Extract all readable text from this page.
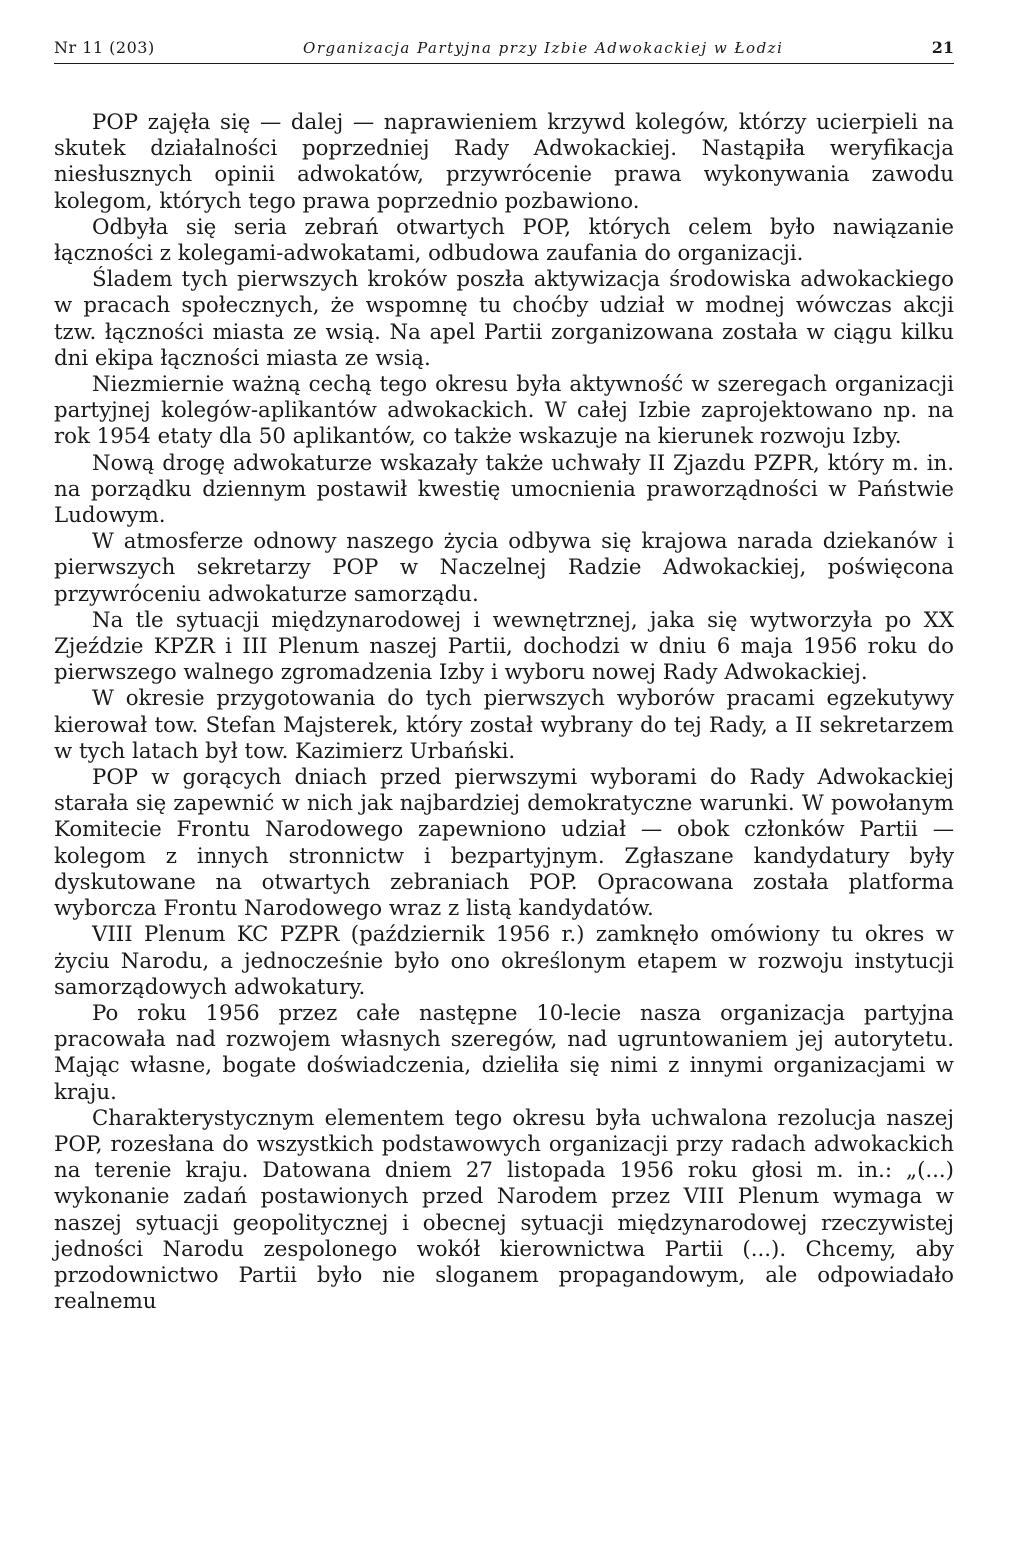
Nr 11 (203)	Organizacja Partyjna przy Izbie Adwokackiej w Łodzi	21

POP zajęła się — dalej — naprawieniem krzywd kolegów, którzy ucierpieli na skutek działalności poprzedniej Rady Adwokackiej. Nastąpiła weryfikacja niesłusznych opinii adwokatów, przywrócenie prawa wykonywania zawodu kolegom, których tego prawa poprzednio pozbawiono.

Odbyła się seria zebrań otwartych POP, których celem było nawiązanie łączności z kolegami-adwokatami, odbudowa zaufania do organizacji.

Śladem tych pierwszych kroków poszła aktywizacja środowiska adwokackiego w pracach społecznych, że wspomnę tu choćby udział w modnej wówczas akcji tzw. łączności miasta ze wsią. Na apel Partii zorganizowana została w ciągu kilku dni ekipa łączności miasta ze wsią.

Niezmiernie ważną cechą tego okresu była aktywność w szeregach organizacji partyjnej kolegów-aplikantów adwokackich. W całej Izbie zaprojektowano np. na rok 1954 etaty dla 50 aplikantów, co także wskazuje na kierunek rozwoju Izby.

Nową drogę adwokaturze wskazały także uchwały II Zjazdu PZPR, który m. in. na porządku dziennym postawił kwestię umocnienia praworządności w Państwie Ludowym.

W atmosferze odnowy naszego życia odbywa się krajowa narada dziekanów i pierwszych sekretarzy POP w Naczelnej Radzie Adwokackiej, poświęcona przywróceniu adwokaturze samorządu.

Na tle sytuacji międzynarodowej i wewnętrznej, jaka się wytworzyła po XX Zjeździe KPZR i III Plenum naszej Partii, dochodzi w dniu 6 maja 1956 roku do pierwszego walnego zgromadzenia Izby i wyboru nowej Rady Adwokackiej.

W okresie przygotowania do tych pierwszych wyborów pracami egzekutywy kierował tow. Stefan Majsterek, który został wybrany do tej Rady, a II sekretarzem w tych latach był tow. Kazimierz Urbański.

POP w gorących dniach przed pierwszymi wyborami do Rady Adwokackiej starała się zapewnić w nich jak najbardziej demokratyczne warunki. W powołanym Komitecie Frontu Narodowego zapewniono udział — obok członków Partii — kolegom z innych stronnictw i bezpartyjnym. Zgłaszane kandydatury były dyskutowane na otwartych zebraniach POP. Opracowana została platforma wyborcza Frontu Narodowego wraz z listą kandydatów.

VIII Plenum KC PZPR (październik 1956 r.) zamknęło omówiony tu okres w życiu Narodu, a jednocześnie było ono określonym etapem w rozwoju instytucji samorządowych adwokatury.

Po roku 1956 przez całe następne 10-lecie nasza organizacja partyjna pracowała nad rozwojem własnych szeregów, nad ugruntowaniem jej autorytetu. Mając własne, bogate doświadczenia, dzieliła się nimi z innymi organizacjami w kraju.

Charakterystycznym elementem tego okresu była uchwalona rezolucja naszej POP, rozesłana do wszystkich podstawowych organizacji przy radach adwokackich na terenie kraju. Datowana dniem 27 listopada 1956 roku głosi m. in.: „(...) wykonanie zadań postawionych przed Narodem przez VIII Plenum wymaga w naszej sytuacji geopolitycznej i obecnej sytuacji międzynarodowej rzeczywistej jedności Narodu zespolonego wokół kierownictwa Partii (...). Chcemy, aby przodownictwo Partii było nie sloganem propagandowym, ale odpowiadało realnemu
